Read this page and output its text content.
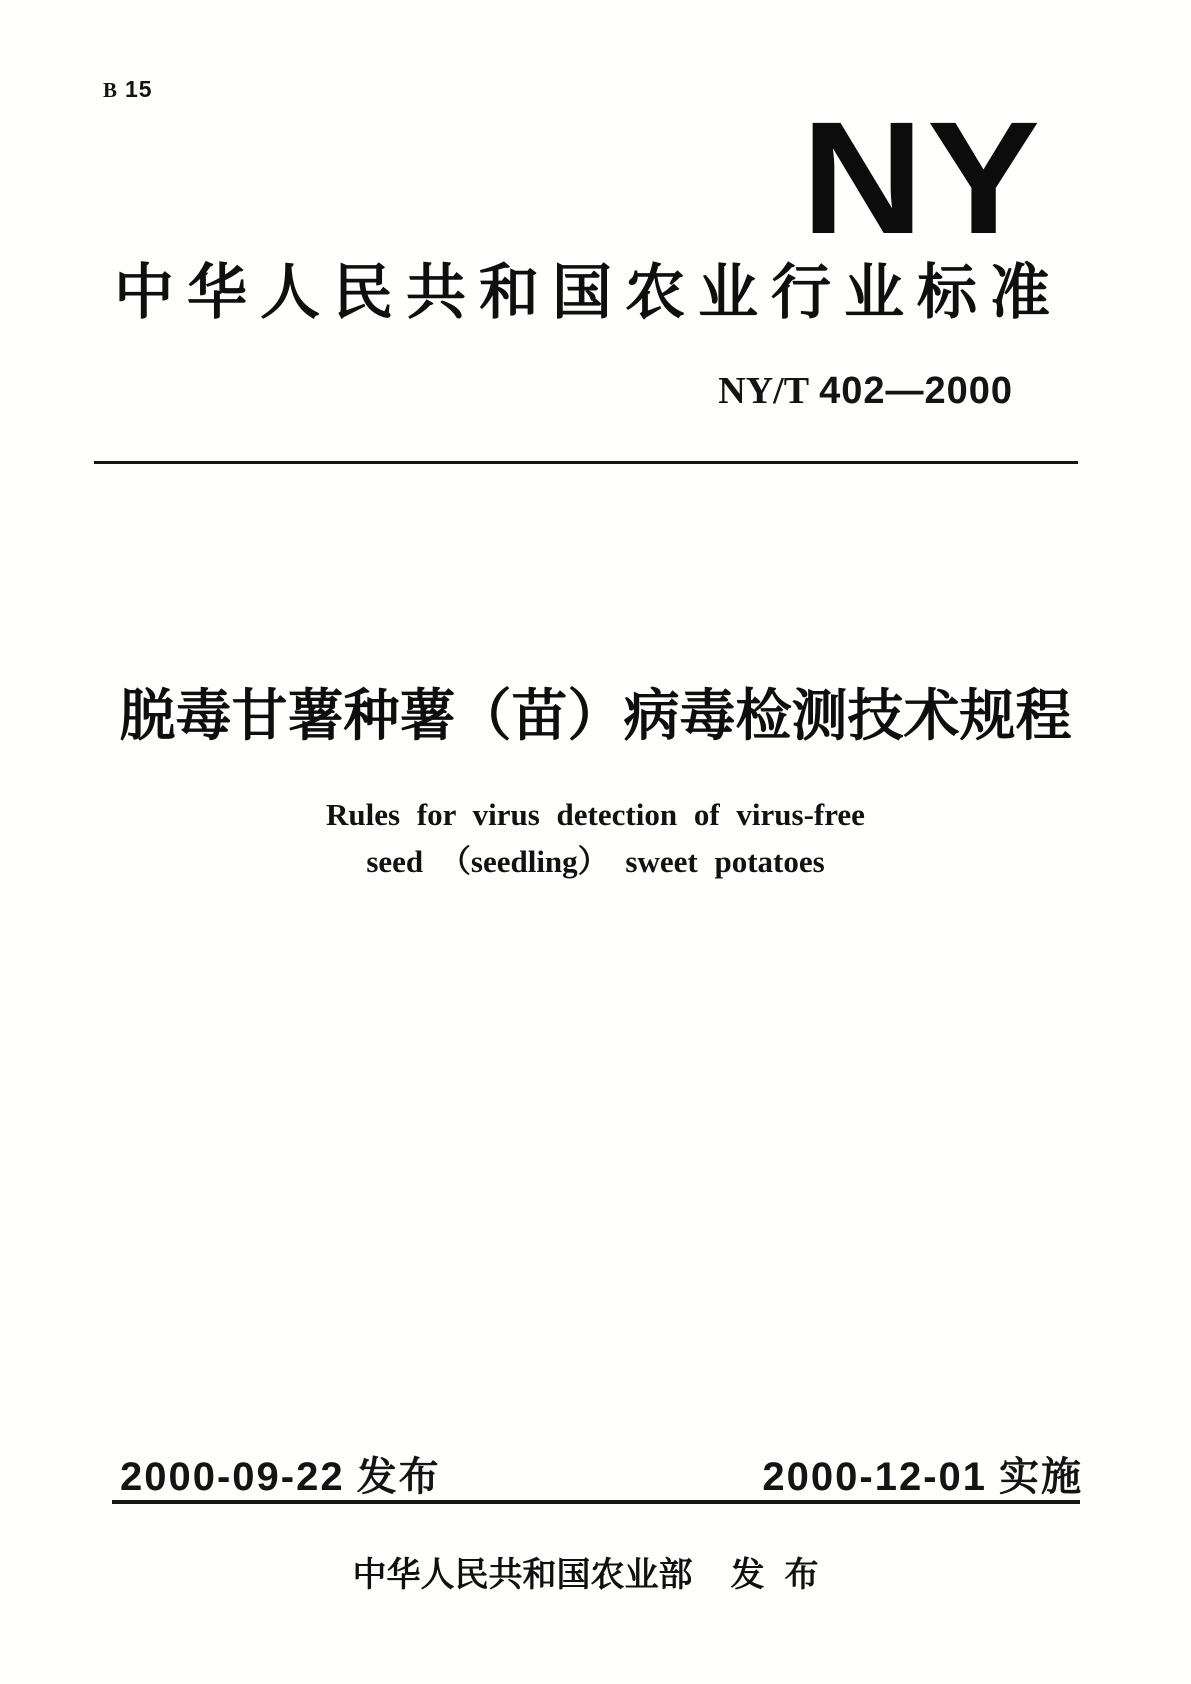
B 15	NY
中华人民共和国农业行业标准
NY/T 402—2000
脱毒甘薯种薯（苗）病毒检测技术规程
Rules for virus detection of virus-free
seed （seedling） sweet potatoes
2000-09-22 发布	2000-12-01 实施
中华人民共和国农业部 发布
